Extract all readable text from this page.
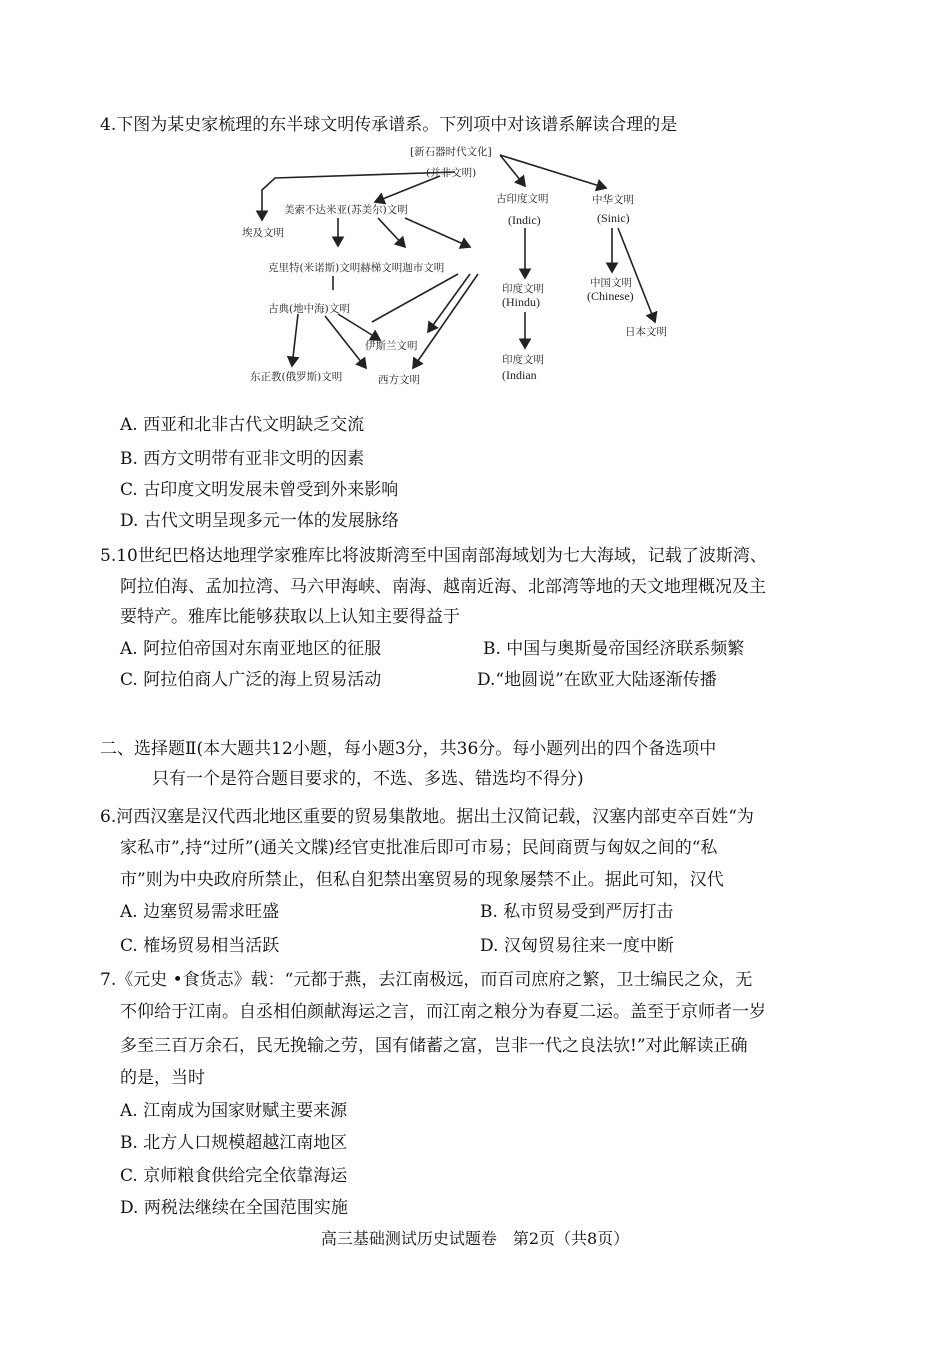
4.下图为某史家梳理的东半球文明传承谱系。下列项中对该谱系解读合理的是
[新石器时代文化]
(并非文明)
美索不达米亚(苏美尔)文明
埃及文明
古印度文明
(Indic)
中华文明
(Sinic)
克里特(米诺斯)文明赫梯文明迦市文明
古典(地中海)文明
印度文明
(Hindu)
中国文明
(Chinese)
日本文明
伊斯兰文明
东正教(俄罗斯)文明	西方文明
印度文明
(Indian
A. 西亚和北非古代文明缺乏交流
B. 西方文明带有亚非文明的因素
C. 古印度文明发展未曾受到外来影响
D. 古代文明呈现多元一体的发展脉络
5.10世纪巴格达地理学家雅库比将波斯湾至中国南部海域划为七大海域，记载了波斯湾、
阿拉伯海、孟加拉湾、马六甲海峡、南海、越南近海、北部湾等地的天文地理概况及主
要特产。雅库比能够获取以上认知主要得益于
A. 阿拉伯帝国对东南亚地区的征服	B. 中国与奥斯曼帝国经济联系频繁
C. 阿拉伯商人广泛的海上贸易活动	D.“地圆说”在欧亚大陆逐渐传播
二、选择题Ⅱ(本大题共12小题，每小题3分，共36分。每小题列出的四个备选项中
只有一个是符合题目要求的，不选、多选、错选均不得分)
6.河西汉塞是汉代西北地区重要的贸易集散地。据出土汉简记载，汉塞内部吏卒百姓“为
家私市”,持“过所”(通关文牒)经官吏批准后即可市易；民间商贾与匈奴之间的“私
市”则为中央政府所禁止，但私自犯禁出塞贸易的现象屡禁不止。据此可知，汉代
A. 边塞贸易需求旺盛	B. 私市贸易受到严厉打击
C. 榷场贸易相当活跃	D. 汉匈贸易往来一度中断
7.《元史 •食货志》载：“元都于燕，去江南极远，而百司庶府之繁，卫士编民之众，无
不仰给于江南。自丞相伯颜献海运之言，而江南之粮分为春夏二运。盖至于京师者一岁
多至三百万余石，民无挽输之劳，国有储蓄之富，岂非一代之良法欤!”对此解读正确
的是，当时
A. 江南成为国家财赋主要来源
B. 北方人口规模超越江南地区
C. 京师粮食供给完全依靠海运
D. 两税法继续在全国范围实施
高三基础测试历史试题卷　第2页（共8页）
